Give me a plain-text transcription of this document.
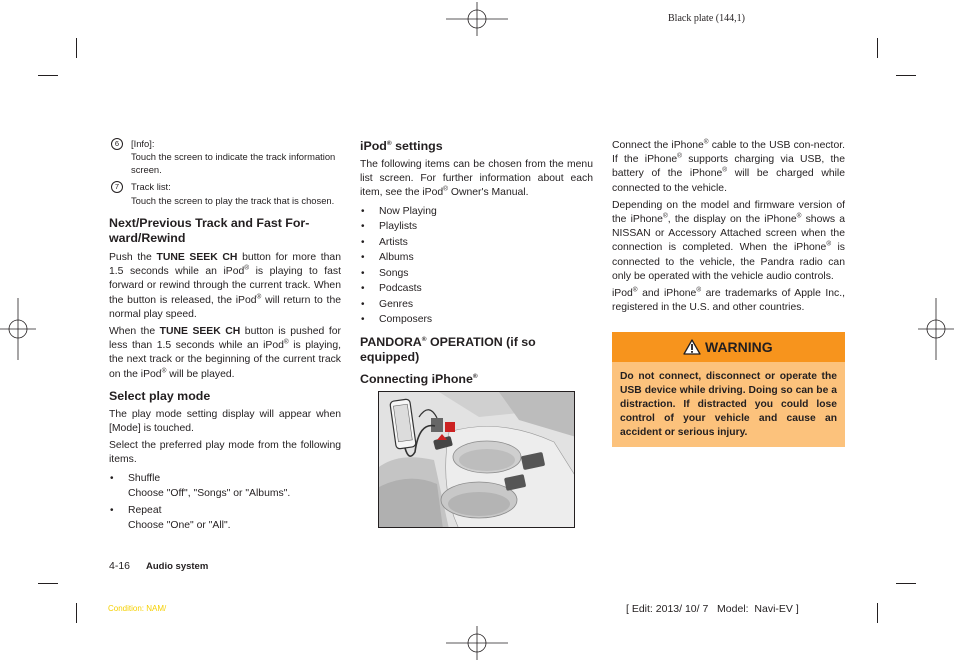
Black plate (144,1)
6	[Info]:
Touch the screen to indicate the track information screen.
7	Track list:
Touch the screen to play the track that is chosen.
Next/Previous Track and Fast For-ward/Rewind

Push the TUNE SEEK CH button for more than 1.5 seconds while an iPod® is playing to fast forward or rewind through the current track. When the button is released, the iPod® will return to the normal play speed.

When the TUNE SEEK CH button is pushed for less than 1.5 seconds while an iPod® is playing, the next track or the beginning of the current track on the iPod® will be played.

Select play mode

The play mode setting display will appear when [Mode] is touched.

Select the preferred play mode from the following items.

• Shuffle
Choose "Off", "Songs" or "Albums".
• Repeat
Choose "One" or "All".
iPod® settings

The following items can be chosen from the menu list screen. For further information about each item, see the iPod® Owner's Manual.

• Now Playing
• Playlists
• Artists
• Albums
• Songs
• Podcasts
• Genres
• Composers
PANDORA® OPERATION (if so equipped)
Connecting iPhone®

Connect the iPhone® cable to the USB con-nector. If the iPhone® supports charging via USB, the battery of the iPhone® will be charged while connected to the vehicle.

Depending on the model and firmware version of the iPhone®, the display on the iPhone® shows a NISSAN or Accessory Attached screen when the connection is completed. When the iPhone® is connected to the vehicle, the Pandra radio can only be operated with the vehicle audio controls.

iPod® and iPhone® are trademarks of Apple Inc., registered in the U.S. and other countries.

WARNING

Do not connect, disconnect or operate the USB device while driving. Doing so can be a distraction. If distracted you could lose control of your vehicle and cause an accident or serious injury.

4-16 Audio system
Condition: NAM/	[ Edit: 2013/ 10/ 7   Model:  Navi-EV ]
